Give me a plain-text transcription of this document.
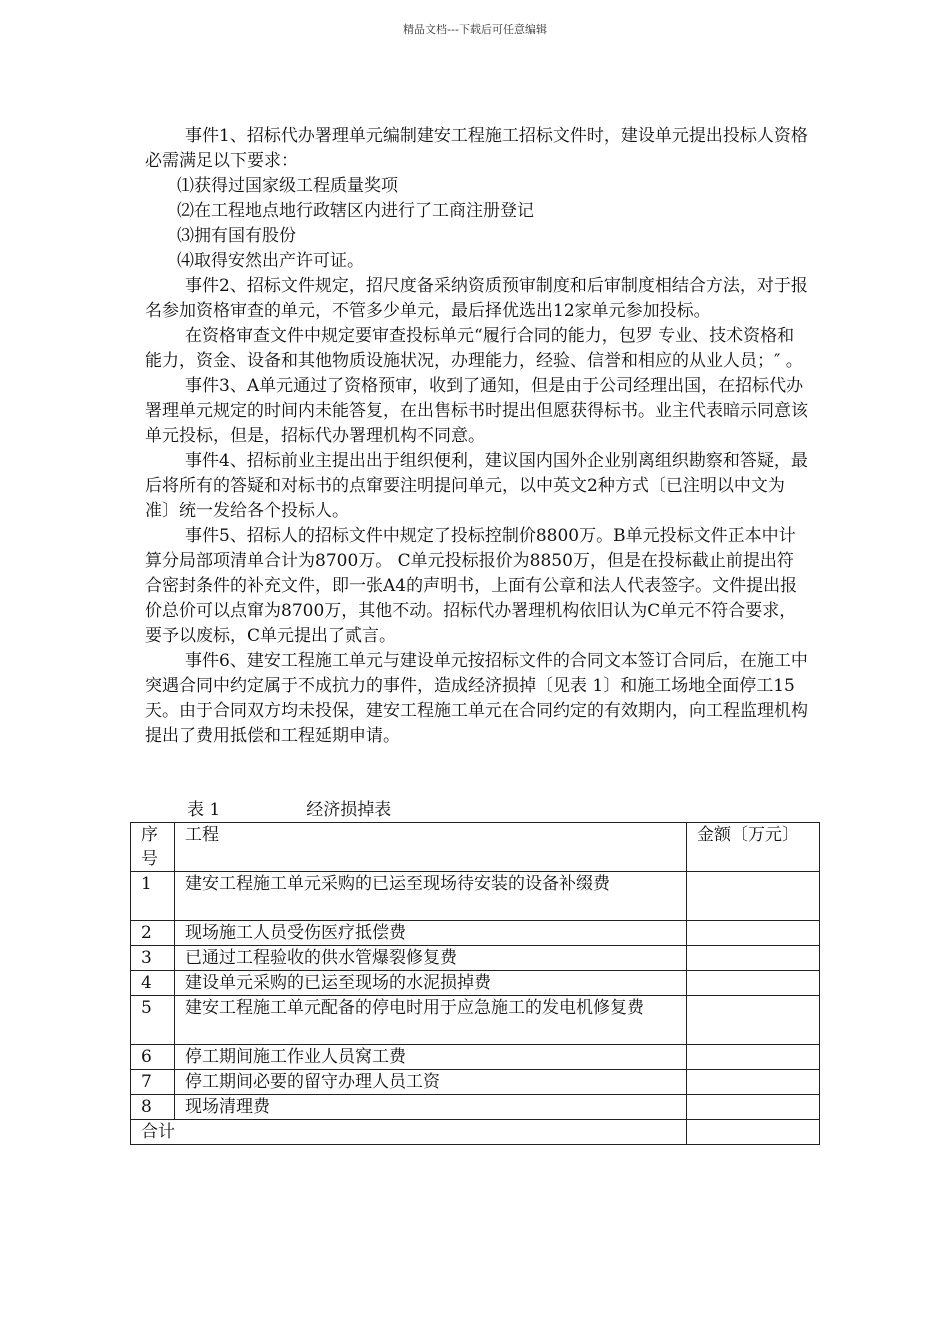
精品文档---下载后可任意编辑

事件1、招标代办署理单元编制建安工程施工招标文件时，建设单元提出投标人资格必需满足以下要求：

⑴获得过国家级工程质量奖项

⑵在工程地点地行政辖区内进行了工商注册登记

⑶拥有国有股份

⑷取得安然出产许可证。

事件2、招标文件规定，招尺度备采纳资质预审制度和后审制度相结合方法，对于报名参加资格审查的单元，不管多少单元，最后择优选出12家单元参加投标。

在资格审查文件中规定要审查投标单元“履行合同的能力，包罗 专业、技术资格和能力，资金、设备和其他物质设施状况，办理能力，经验、信誉和相应的从业人员；″ 。

事件3、A单元通过了资格预审，收到了通知，但是由于公司经理出国，在招标代办署理单元规定的时间内未能答复，在出售标书时提出但愿获得标书。业主代表暗示同意该单元投标，但是，招标代办署理机构不同意。

事件4、招标前业主提出出于组织便利，建议国内国外企业别离组织勘察和答疑，最后将所有的答疑和对标书的点窜要注明提问单元，以中英文2种方式〔已注明以中文为准〕统一发给各个投标人。

事件5、招标人的招标文件中规定了投标控制价8800万。B单元投标文件正本中计算分局部项清单合计为8700万。 C单元投标报价为8850万，但是在投标截止前提出符合密封条件的补充文件，即一张A4的声明书，上面有公章和法人代表签字。文件提出报价总价可以点窜为8700万，其他不动。招标代办署理机构依旧认为C单元不符合要求，要予以废标，C单元提出了贰言。

事件6、建安工程施工单元与建设单元按招标文件的合同文本签订合同后，在施工中突遇合同中约定属于不成抗力的事件，造成经济损掉〔见表 1〕和施工场地全面停工15天。由于合同双方均未投保，建安工程施工单元在合同约定的有效期内，向工程监理机构提出了费用抵偿和工程延期申请。

表 1	经济损掉表
序号	工程	金额〔万元〕
1	建安工程施工单元采购的已运至现场待安装的设备补缀费	
2	现场施工人员受伤医疗抵偿费	
3	已通过工程验收的供水管爆裂修复费	
4	建设单元采购的已运至现场的水泥损掉费	
5	建安工程施工单元配备的停电时用于应急施工的发电机修复费	
6	停工期间施工作业人员窝工费	
7	停工期间必要的留守办理人员工资	
8	现场清理费	
合计		
